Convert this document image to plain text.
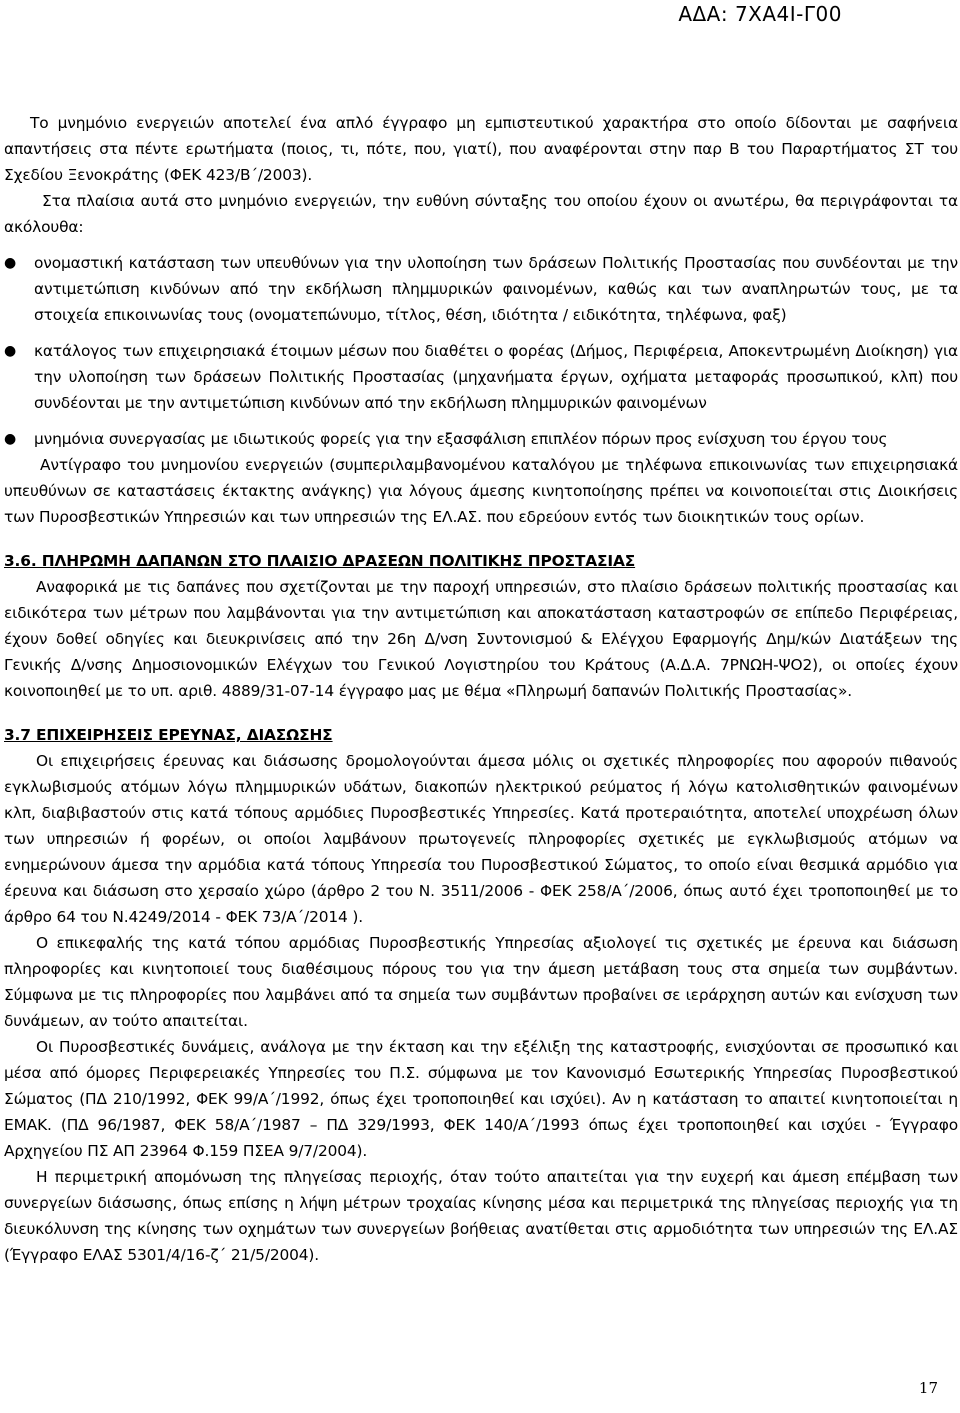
ΑΔΑ: 7ΧΑ4Ι-Γ00

Το μνημόνιο ενεργειών αποτελεί ένα απλό έγγραφο μη εμπιστευτικού χαρακτήρα στο οποίο δίδονται με σαφήνεια απαντήσεις στα πέντε ερωτήματα (ποιος, τι, πότε, που, γιατί), που αναφέρονται στην παρ Β του Παραρτήματος ΣΤ του Σχεδίου Ξενοκράτης (ΦΕΚ 423/Β΄/2003).

Στα πλαίσια αυτά στο μνημόνιο ενεργειών, την ευθύνη σύνταξης του οποίου έχουν οι ανωτέρω, θα περιγράφονται τα ακόλουθα:

● ονομαστική κατάσταση των υπευθύνων για την υλοποίηση των δράσεων Πολιτικής Προστασίας που συνδέονται με την αντιμετώπιση κινδύνων από την εκδήλωση πλημμυρικών φαινομένων, καθώς και των αναπληρωτών τους, με τα στοιχεία επικοινωνίας τους (ονοματεπώνυμο, τίτλος, θέση, ιδιότητα / ειδικότητα, τηλέφωνα, φαξ)
● κατάλογος των επιχειρησιακά έτοιμων μέσων που διαθέτει ο φορέας (Δήμος, Περιφέρεια, Αποκεντρωμένη Διοίκηση) για την υλοποίηση των δράσεων Πολιτικής Προστασίας (μηχανήματα έργων, οχήματα μεταφοράς προσωπικού, κλπ) που συνδέονται με την αντιμετώπιση κινδύνων από την εκδήλωση πλημμυρικών φαινομένων
● μνημόνια συνεργασίας με ιδιωτικούς φορείς για την εξασφάλιση επιπλέον πόρων προς ενίσχυση του έργου τους

Αντίγραφο του μνημονίου ενεργειών (συμπεριλαμβανομένου καταλόγου με τηλέφωνα επικοινωνίας των επιχειρησιακά υπευθύνων σε καταστάσεις έκτακτης ανάγκης) για λόγους άμεσης κινητοποίησης πρέπει να κοινοποιείται στις Διοικήσεις των Πυροσβεστικών Υπηρεσιών και των υπηρεσιών της ΕΛ.ΑΣ. που εδρεύουν εντός των διοικητικών τους ορίων.

3.6. ΠΛΗΡΩΜΗ ΔΑΠΑΝΩΝ ΣΤΟ ΠΛΑΙΣΙΟ ΔΡΑΣΕΩΝ ΠΟΛΙΤΙΚΗΣ ΠΡΟΣΤΑΣΙΑΣ

Αναφορικά με τις δαπάνες που σχετίζονται με την παροχή υπηρεσιών, στο πλαίσιο δράσεων πολιτικής προστασίας και ειδικότερα των μέτρων που λαμβάνονται για την αντιμετώπιση και αποκατάσταση καταστροφών σε επίπεδο Περιφέρειας, έχουν δοθεί οδηγίες και διευκρινίσεις από την 26η Δ/νση Συντονισμού & Ελέγχου Εφαρμογής Δημ/κών Διατάξεων της Γενικής Δ/νσης Δημοσιονομικών Ελέγχων του Γενικού Λογιστηρίου του Κράτους (Α.Δ.Α. 7ΡΝΩΗ-ΨΟ2), οι οποίες έχουν κοινοποιηθεί με το υπ. αριθ. 4889/31-07-14 έγγραφο μας με θέμα «Πληρωμή δαπανών Πολιτικής Προστασίας».

3.7 ΕΠΙΧΕΙΡΗΣΕΙΣ ΕΡΕΥΝΑΣ, ΔΙΑΣΩΣΗΣ

Οι επιχειρήσεις έρευνας και διάσωσης δρομολογούνται άμεσα μόλις οι σχετικές πληροφορίες που αφορούν πιθανούς εγκλωβισμούς ατόμων λόγω πλημμυρικών υδάτων, διακοπών ηλεκτρικού ρεύματος ή λόγω κατολισθητικών φαινομένων κλπ, διαβιβαστούν στις κατά τόπους αρμόδιες Πυροσβεστικές Υπηρεσίες. Κατά προτεραιότητα, αποτελεί υποχρέωση όλων των υπηρεσιών ή φορέων, οι οποίοι λαμβάνουν πρωτογενείς πληροφορίες σχετικές με εγκλωβισμούς ατόμων να ενημερώνουν άμεσα την αρμόδια κατά τόπους Υπηρεσία του Πυροσβεστικού Σώματος, το οποίο είναι θεσμικά αρμόδιο για έρευνα και διάσωση στο χερσαίο χώρο (άρθρο 2 του Ν. 3511/2006 - ΦΕΚ 258/Α΄/2006, όπως αυτό έχει τροποποιηθεί με το άρθρο 64 του Ν.4249/2014 - ΦΕΚ 73/Α΄/2014 ).

Ο επικεφαλής της κατά τόπου αρμόδιας Πυροσβεστικής Υπηρεσίας αξιολογεί τις σχετικές με έρευνα και διάσωση πληροφορίες και κινητοποιεί τους διαθέσιμους πόρους του για την άμεση μετάβαση τους στα σημεία των συμβάντων. Σύμφωνα με τις πληροφορίες που λαμβάνει από τα σημεία των συμβάντων προβαίνει σε ιεράρχηση αυτών και ενίσχυση των δυνάμεων, αν τούτο απαιτείται.

Οι Πυροσβεστικές δυνάμεις, ανάλογα με την έκταση και την εξέλιξη της καταστροφής, ενισχύονται σε προσωπικό και μέσα από όμορες Περιφερειακές Υπηρεσίες του Π.Σ. σύμφωνα με τον Κανονισμό Εσωτερικής Υπηρεσίας Πυροσβεστικού Σώματος (ΠΔ 210/1992, ΦΕΚ 99/Α΄/1992, όπως έχει τροποποιηθεί και ισχύει). Αν η κατάσταση το απαιτεί κινητοποιείται η ΕΜΑΚ. (ΠΔ 96/1987, ΦΕΚ 58/Α΄/1987 – ΠΔ 329/1993, ΦΕΚ 140/Α΄/1993 όπως έχει τροποποιηθεί και ισχύει - Έγγραφο Αρχηγείου ΠΣ ΑΠ 23964 Φ.159 ΠΣΕΑ 9/7/2004).

Η περιμετρική απομόνωση της πληγείσας περιοχής, όταν τούτο απαιτείται για την ευχερή και άμεση επέμβαση των συνεργείων διάσωσης, όπως επίσης η λήψη μέτρων τροχαίας κίνησης μέσα και περιμετρικά της πληγείσας περιοχής για τη διευκόλυνση της κίνησης των οχημάτων των συνεργείων βοήθειας ανατίθεται στις αρμοδιότητα των υπηρεσιών της ΕΛ.ΑΣ (Έγγραφο ΕΛΑΣ 5301/4/16-ζ΄ 21/5/2004).

17
